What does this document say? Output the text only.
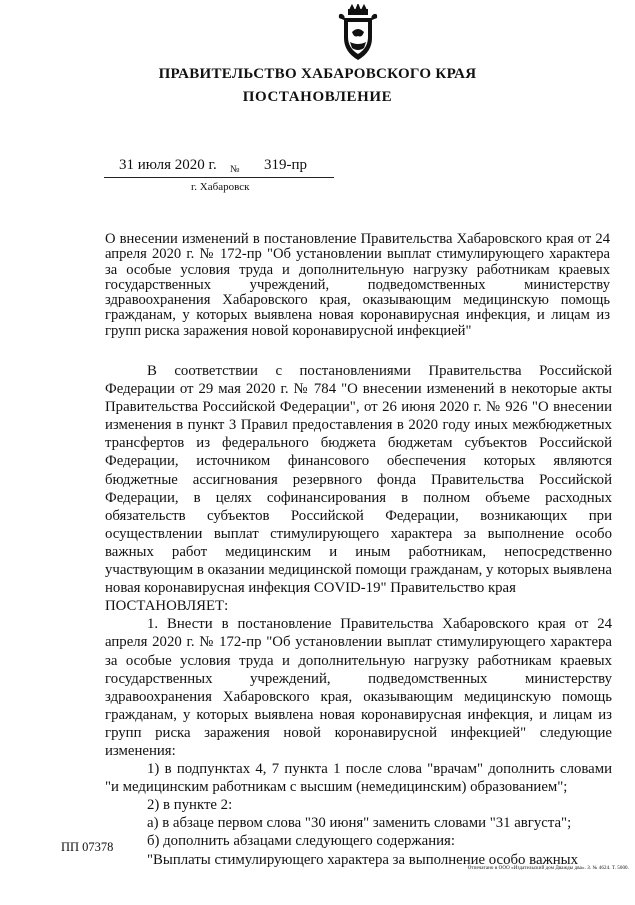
ПРАВИТЕЛЬСТВО ХАБАРОВСКОГО КРАЯ
ПОСТАНОВЛЕНИЕ
31 июля 2020 г. № 319-пр
г. Хабаровск
О внесении изменений в постановление Правительства Хабаровского края от 24 апреля 2020 г. № 172-пр "Об установлении выплат стимулирующего характера за особые условия труда и дополнительную нагрузку работникам краевых государственных учреждений, подведомственных министерству здравоохранения Хабаровского края, оказывающим медицинскую помощь гражданам, у которых выявлена новая коронавирусная инфекция, и лицам из групп риска заражения новой коронавирусной инфекцией"

В соответствии с постановлениями Правительства Российской Федерации от 29 мая 2020 г. № 784 "О внесении изменений в некоторые акты Правительства Российской Федерации", от 26 июня 2020 г. № 926 "О внесении изменения в пункт 3 Правил предоставления в 2020 году иных межбюджетных трансфертов из федерального бюджета бюджетам субъектов Российской Федерации, источником финансового обеспечения которых являются бюджетные ассигнования резервного фонда Правительства Российской Федерации, в целях софинансирования в полном объеме расходных обязательств субъектов Российской Федерации, возникающих при осуществлении выплат стимулирующего характера за выполнение особо важных работ медицинским и иным работникам, непосредственно участвующим в оказании медицинской помощи гражданам, у которых выявлена новая коронавирусная инфекция COVID-19" Правительство края

ПОСТАНОВЛЯЕТ:

1. Внести в постановление Правительства Хабаровского края от 24 апреля 2020 г. № 172-пр "Об установлении выплат стимулирующего характера за особые условия труда и дополнительную нагрузку работникам краевых государственных учреждений, подведомственных министерству здравоохранения Хабаровского края, оказывающим медицинскую помощь гражданам, у которых выявлена новая коронавирусная инфекция, и лицам из групп риска заражения новой коронавирусной инфекцией" следующие изменения:

1) в подпунктах 4, 7 пункта 1 после слова "врачам" дополнить словами "и медицинским работникам с высшим (немедицинским) образованием";

2) в пункте 2:

а) в абзаце первом слова "30 июня" заменить словами "31 августа";

б) дополнить абзацами следующего содержания:

"Выплаты стимулирующего характера за выполнение особо важных

ПП 07378
Отпечатано в ООО «Издательский дом Дважды два». З. № 4624. Т. 5000.
